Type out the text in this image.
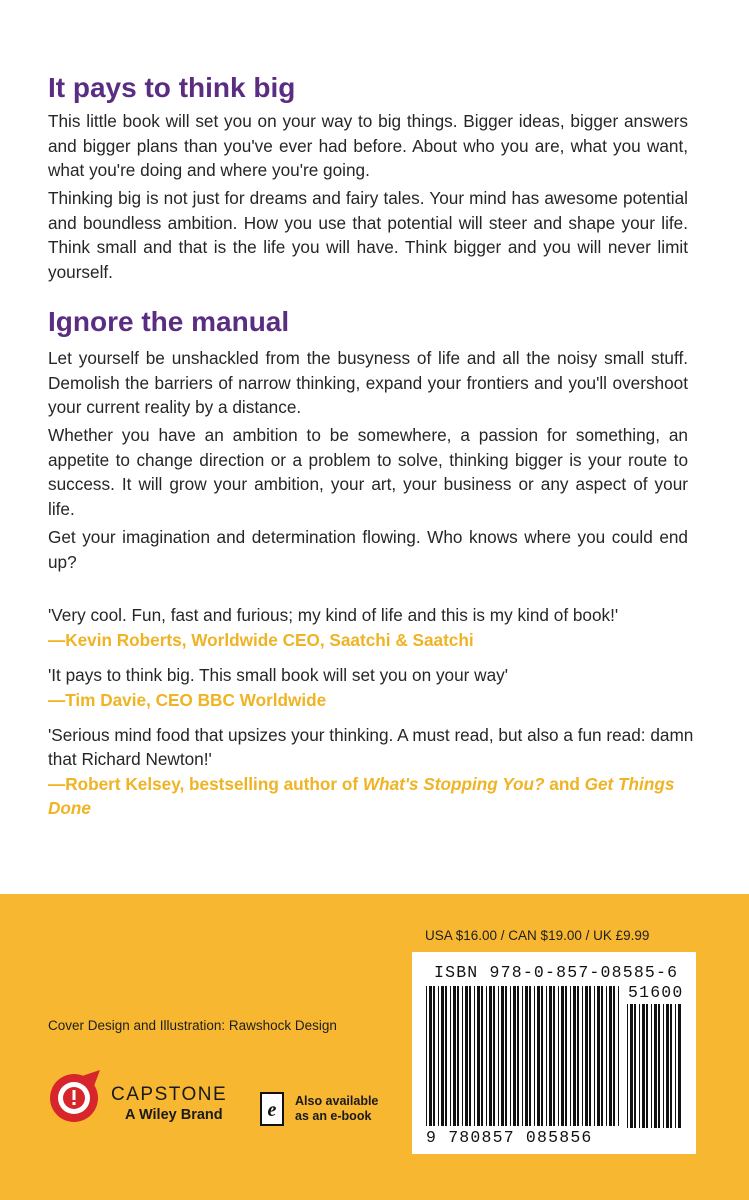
It pays to think big

This little book will set you on your way to big things. Bigger ideas, bigger answers and bigger plans than you've ever had before. About who you are, what you want, what you're doing and where you're going.

Thinking big is not just for dreams and fairy tales. Your mind has awesome potential and boundless ambition. How you use that potential will steer and shape your life. Think small and that is the life you will have. Think bigger and you will never limit yourself.

Ignore the manual

Let yourself be unshackled from the busyness of life and all the noisy small stuff. Demolish the barriers of narrow thinking, expand your frontiers and you'll overshoot your current reality by a distance.

Whether you have an ambition to be somewhere, a passion for something, an appetite to change direction or a problem to solve, thinking bigger is your route to success. It will grow your ambition, your art, your business or any aspect of your life.

Get your imagination and determination flowing. Who knows where you could end up?

'Very cool. Fun, fast and furious; my kind of life and this is my kind of book!'

—Kevin Roberts, Worldwide CEO, Saatchi & Saatchi

'It pays to think big. This small book will set you on your way'

—Tim Davie, CEO BBC Worldwide

'Serious mind food that upsizes your thinking. A must read, but also a fun read: damn that Richard Newton!'

—Robert Kelsey, bestselling author of What's Stopping You? and Get Things Done

USA $16.00 / CAN $19.00 / UK £9.99
Cover Design and Illustration: Rawshock Design
ISBN 978-0-857-08585-6
51600
9 780857 085856
CAPSTONE
A Wiley Brand e Also available
as an e-book
